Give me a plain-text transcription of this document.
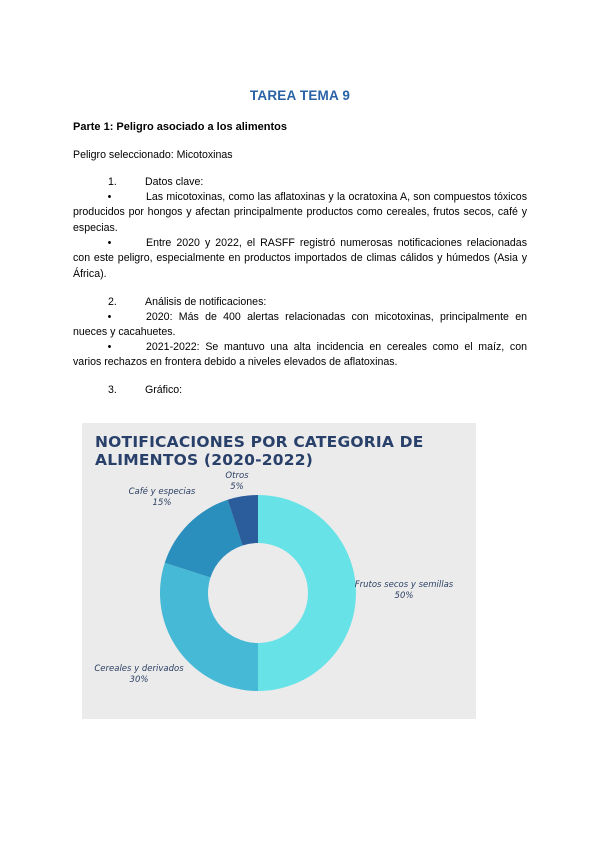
TAREA TEMA 9
Parte 1: Peligro asociado a los alimentos
Peligro seleccionado: Micotoxinas
1.	Datos clave:
•	Las micotoxinas, como las aflatoxinas y la ocratoxina A, son compuestos tóxicos producidos por hongos y afectan principalmente productos como cereales, frutos secos, café y especias.
•	Entre 2020 y 2022, el RASFF registró numerosas notificaciones relacionadas con este peligro, especialmente en productos importados de climas cálidos y húmedos (Asia y África).
2.	Análisis de notificaciones:
•	2020: Más de 400 alertas relacionadas con micotoxinas, principalmente en nueces y cacahuetes.
•	2021-2022: Se mantuvo una alta incidencia en cereales como el maíz, con varios rechazos en frontera debido a niveles elevados de aflatoxinas.
3.	Gráfico:
NOTIFICACIONES POR CATEGORIA DE ALIMENTOS (2020-2022)
Frutos secos y semillas
50%
Cereales y derivados
30%
Café y especias
15%
Otros
5%
